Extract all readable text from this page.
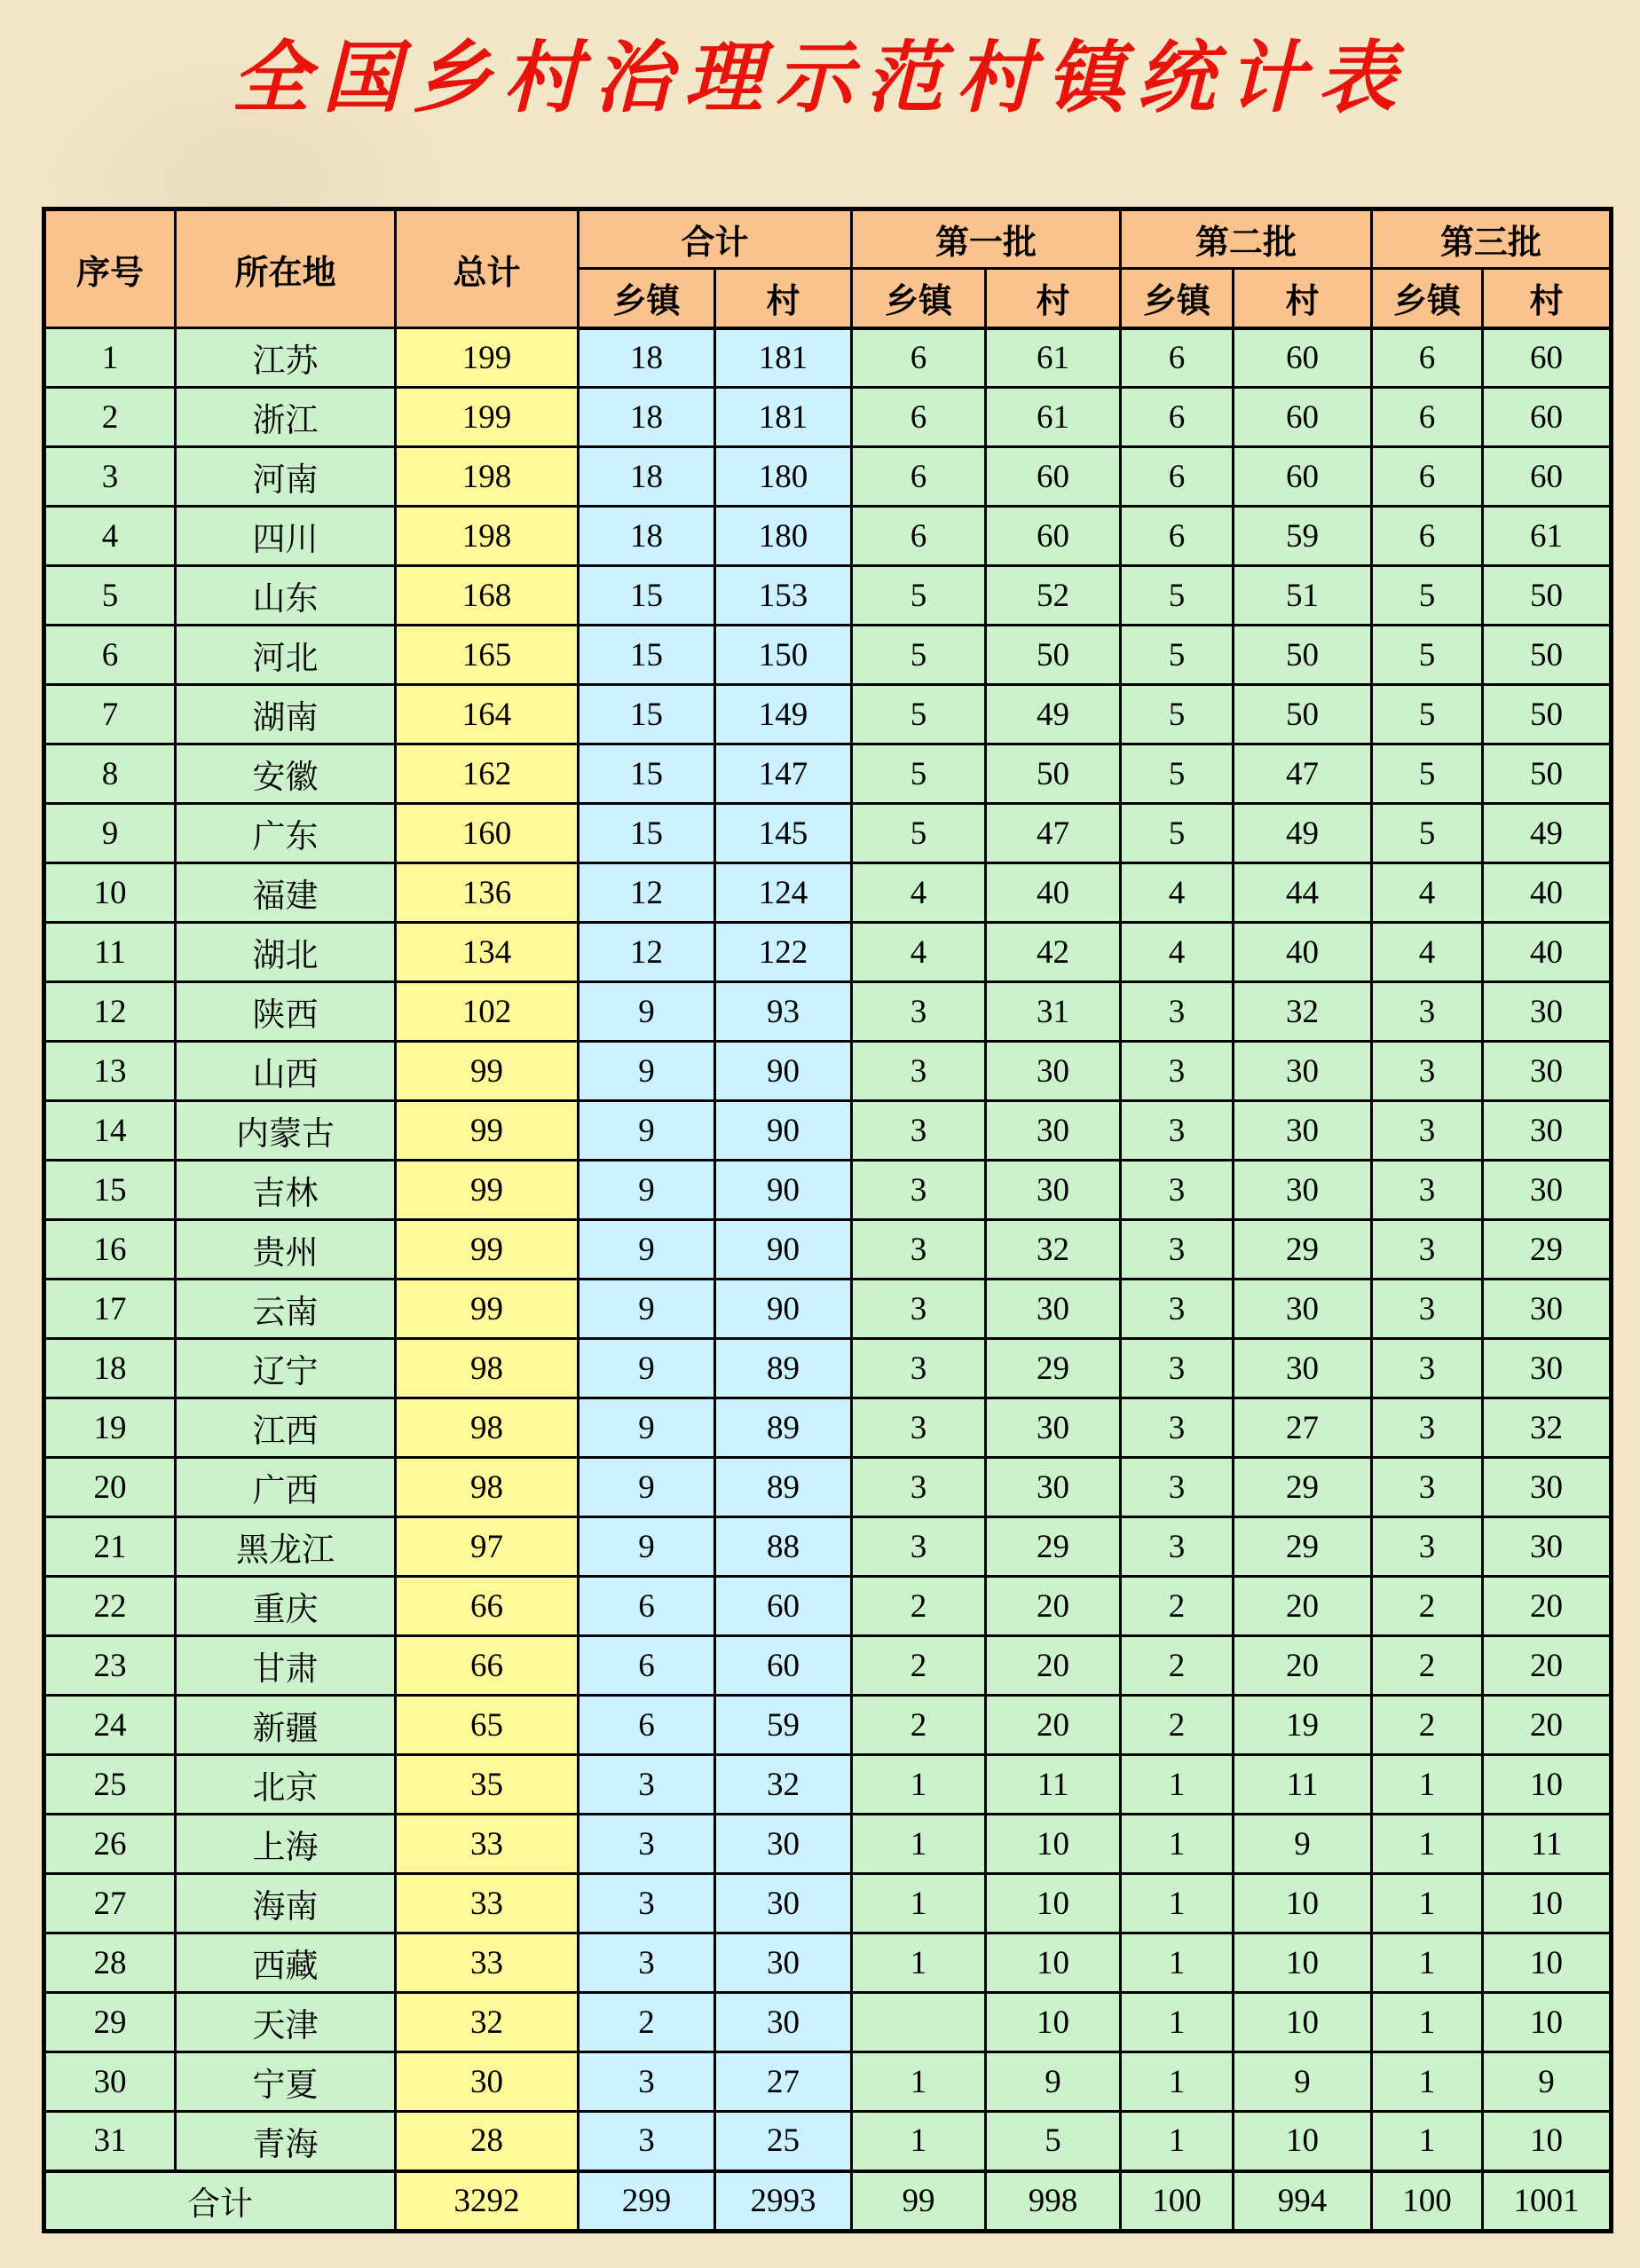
全国乡村治理示范村镇统计表
序号	所在地	总计	合计		第一批		第二批		第三批	
			乡镇	村	乡镇	村	乡镇	村	乡镇	村
1	江苏	199	18	181	6	61	6	60	6	60
2	浙江	199	18	181	6	61	6	60	6	60
3	河南	198	18	180	6	60	6	60	6	60
4	四川	198	18	180	6	60	6	59	6	61
5	山东	168	15	153	5	52	5	51	5	50
6	河北	165	15	150	5	50	5	50	5	50
7	湖南	164	15	149	5	49	5	50	5	50
8	安徽	162	15	147	5	50	5	47	5	50
9	广东	160	15	145	5	47	5	49	5	49
10	福建	136	12	124	4	40	4	44	4	40
11	湖北	134	12	122	4	42	4	40	4	40
12	陕西	102	9	93	3	31	3	32	3	30
13	山西	99	9	90	3	30	3	30	3	30
14	内蒙古	99	9	90	3	30	3	30	3	30
15	吉林	99	9	90	3	30	3	30	3	30
16	贵州	99	9	90	3	32	3	29	3	29
17	云南	99	9	90	3	30	3	30	3	30
18	辽宁	98	9	89	3	29	3	30	3	30
19	江西	98	9	89	3	30	3	27	3	32
20	广西	98	9	89	3	30	3	29	3	30
21	黑龙江	97	9	88	3	29	3	29	3	30
22	重庆	66	6	60	2	20	2	20	2	20
23	甘肃	66	6	60	2	20	2	20	2	20
24	新疆	65	6	59	2	20	2	19	2	20
25	北京	35	3	32	1	11	1	11	1	10
26	上海	33	3	30	1	10	1	9	1	11
27	海南	33	3	30	1	10	1	10	1	10
28	西藏	33	3	30	1	10	1	10	1	10
29	天津	32	2	30		10	1	10	1	10
30	宁夏	30	3	27	1	9	1	9	1	9
31	青海	28	3	25	1	5	1	10	1	10
合计		3292	299	2993	99	998	100	994	100	1001
